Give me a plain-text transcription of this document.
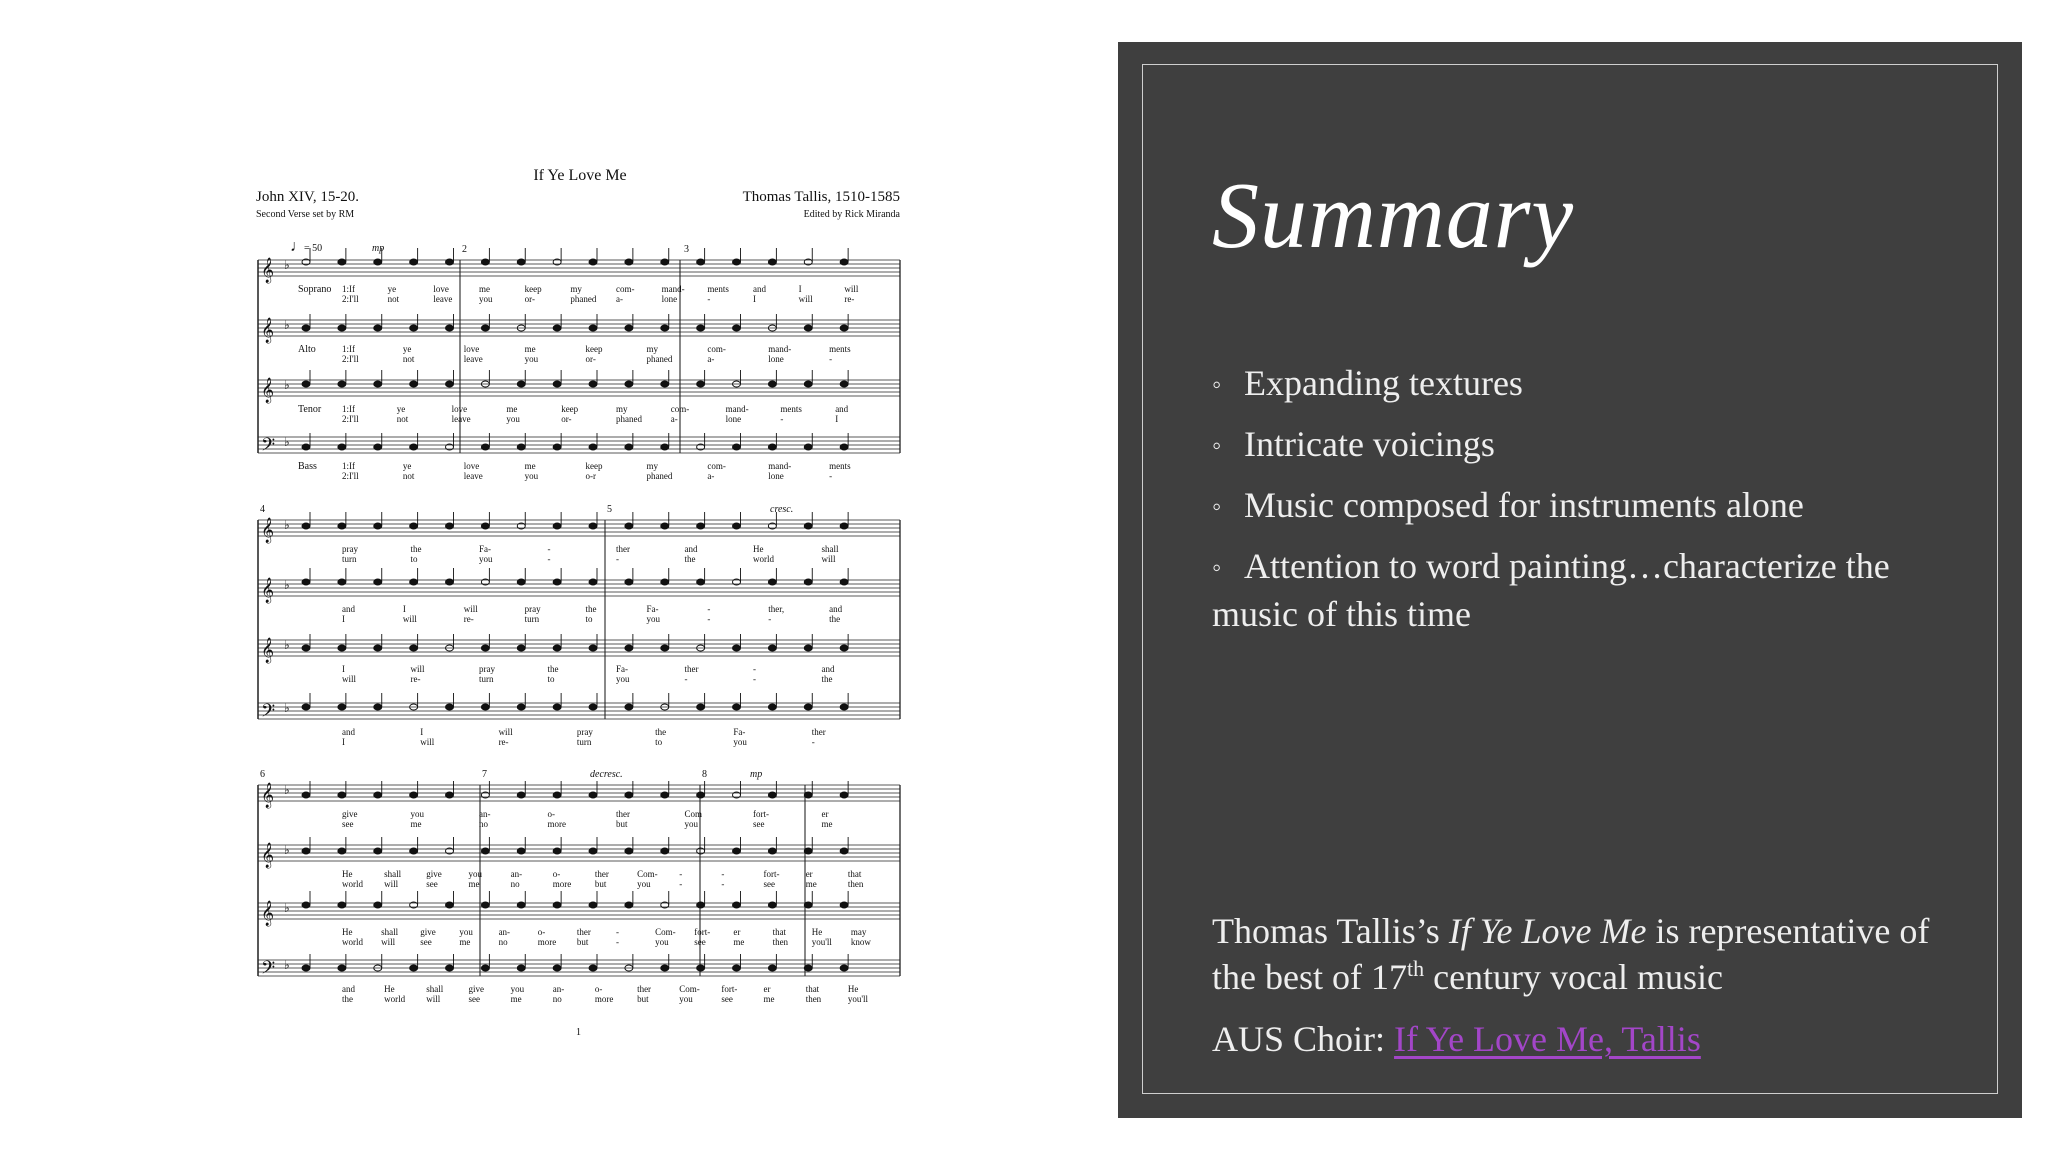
If Ye Love Me
John XIV, 15-20.
Second Verse set by RM
Thomas Tallis, 1510-1585
Edited by Rick Miranda
𝄞 ♭
1:If	ye	love	me	keep	my	com-	mand-	ments	and	I	will
2:I'll	not	leave	you	or-	phaned a-	lone	-	I	will	re-
Soprano
𝄞 ♭
1:If	ye	love	me	keep	my	com-	mand-	ments
2:I'll	not	leave	you	or-	phaned	a-	lone	-
Alto
𝄞 ♭
1:If	ye	love	me	keep	my	com-	mand-	ments	and
2:I'll	not	leave	you	or-	phaned	a-	lone	-	I
Tenor
𝄢 ♭
1:If	ye	love	me	keep	my	com-	mand-	ments
2:I'll	not	leave	you	o-r	phaned	a-	lone	-
Bass
2	3
𝄞 ♭
pray	the	Fa-	-	ther	and	He	shall
turn	to	you	-	-	the	world	will
𝄞 ♭
and	I	will	pray	the	Fa-	-	ther,	and
I	will	re-	turn	to	you	-	-	the
𝄞 ♭
I	will	pray	the	Fa-	ther	-	and
will	re-	turn	to	you	-	-	the
𝄢 ♭
and	I	will	pray	the	Fa-	ther
I	will	re-	turn	to	you	-
4	5
𝄞 ♭
give	you	an-	o-	ther	Com	fort-	er
see	me	no	more	but	you	see	me
𝄞 ♭
He	shall	give	you	an-	o-	ther	Com- -	-	fort-	er	that
world will	see	me	no	more	but	you	-	-	see	me	then
𝄞 ♭
He	shall give	you	an-	o-	ther	-	Com- fort-	er	that	He	may
world will	see	me	no	more but	-	you	see	me	then	you'll know
𝄢 ♭
and	He	shall	give	you	an-	o-	ther	Com- fort-	er	that	He
the	world will	see	me	no	more	but	you	see	me	then	you'll
6	7	8
♩
= 50	mp
cresc.
decresc.	mp
1
Summary
◦ Expanding textures
◦ Intricate voicings
◦ Music composed for instruments alone
◦ Attention to word painting…characterize the music of this time

Thomas Tallis’s If Ye Love Me is representative of the best of 17th century vocal music

AUS Choir: If Ye Love Me, Tallis
